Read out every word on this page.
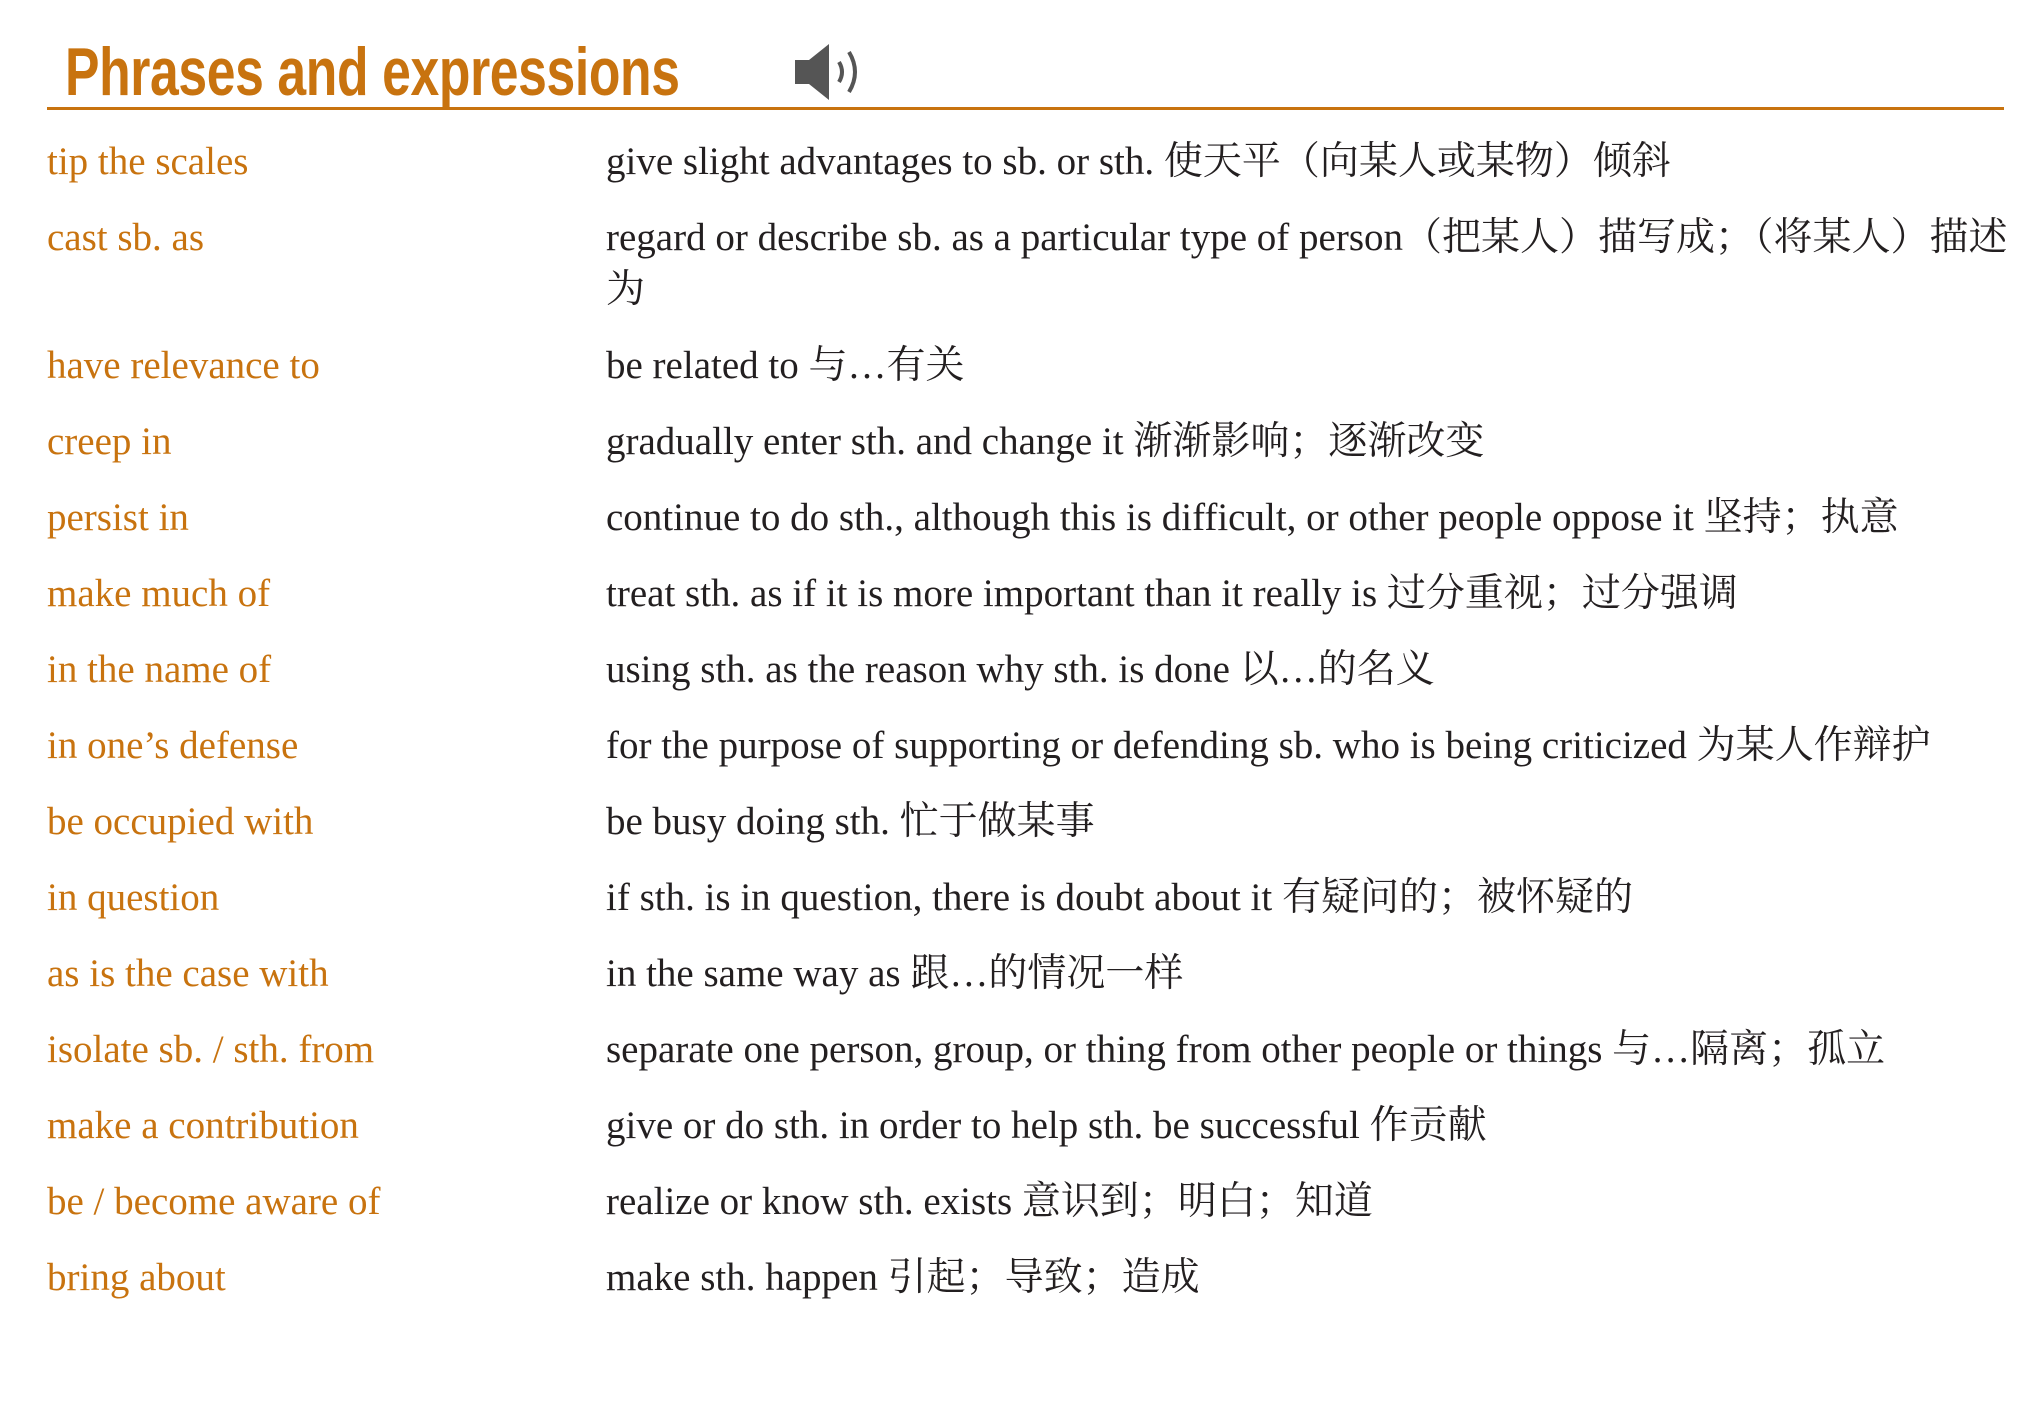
Phrases and expressions
tip the scales	give slight advantages to sb. or sth. 使天平（向某人或某物）倾斜
cast sb. as	regard or describe sb. as a particular type of person（把某人）描写成；（将某人）描述为
have relevance to	be related to 与…有关
creep in	gradually enter sth. and change it 渐渐影响；逐渐改变
persist in	continue to do sth., although this is difficult, or other people oppose it 坚持；执意
make much of	treat sth. as if it is more important than it really is 过分重视；过分强调
in the name of	using sth. as the reason why sth. is done 以…的名义
in one’s defense	for the purpose of supporting or defending sb. who is being criticized 为某人作辩护
be occupied with	be busy doing sth. 忙于做某事
in question	if sth. is in question, there is doubt about it 有疑问的；被怀疑的
as is the case with	in the same way as 跟…的情况一样
isolate sb. / sth. from	separate one person, group, or thing from other people or things 与…隔离；孤立
make a contribution	give or do sth. in order to help sth. be successful 作贡献
be / become aware of	realize or know sth. exists 意识到；明白；知道
bring about	make sth. happen 引起；导致；造成
